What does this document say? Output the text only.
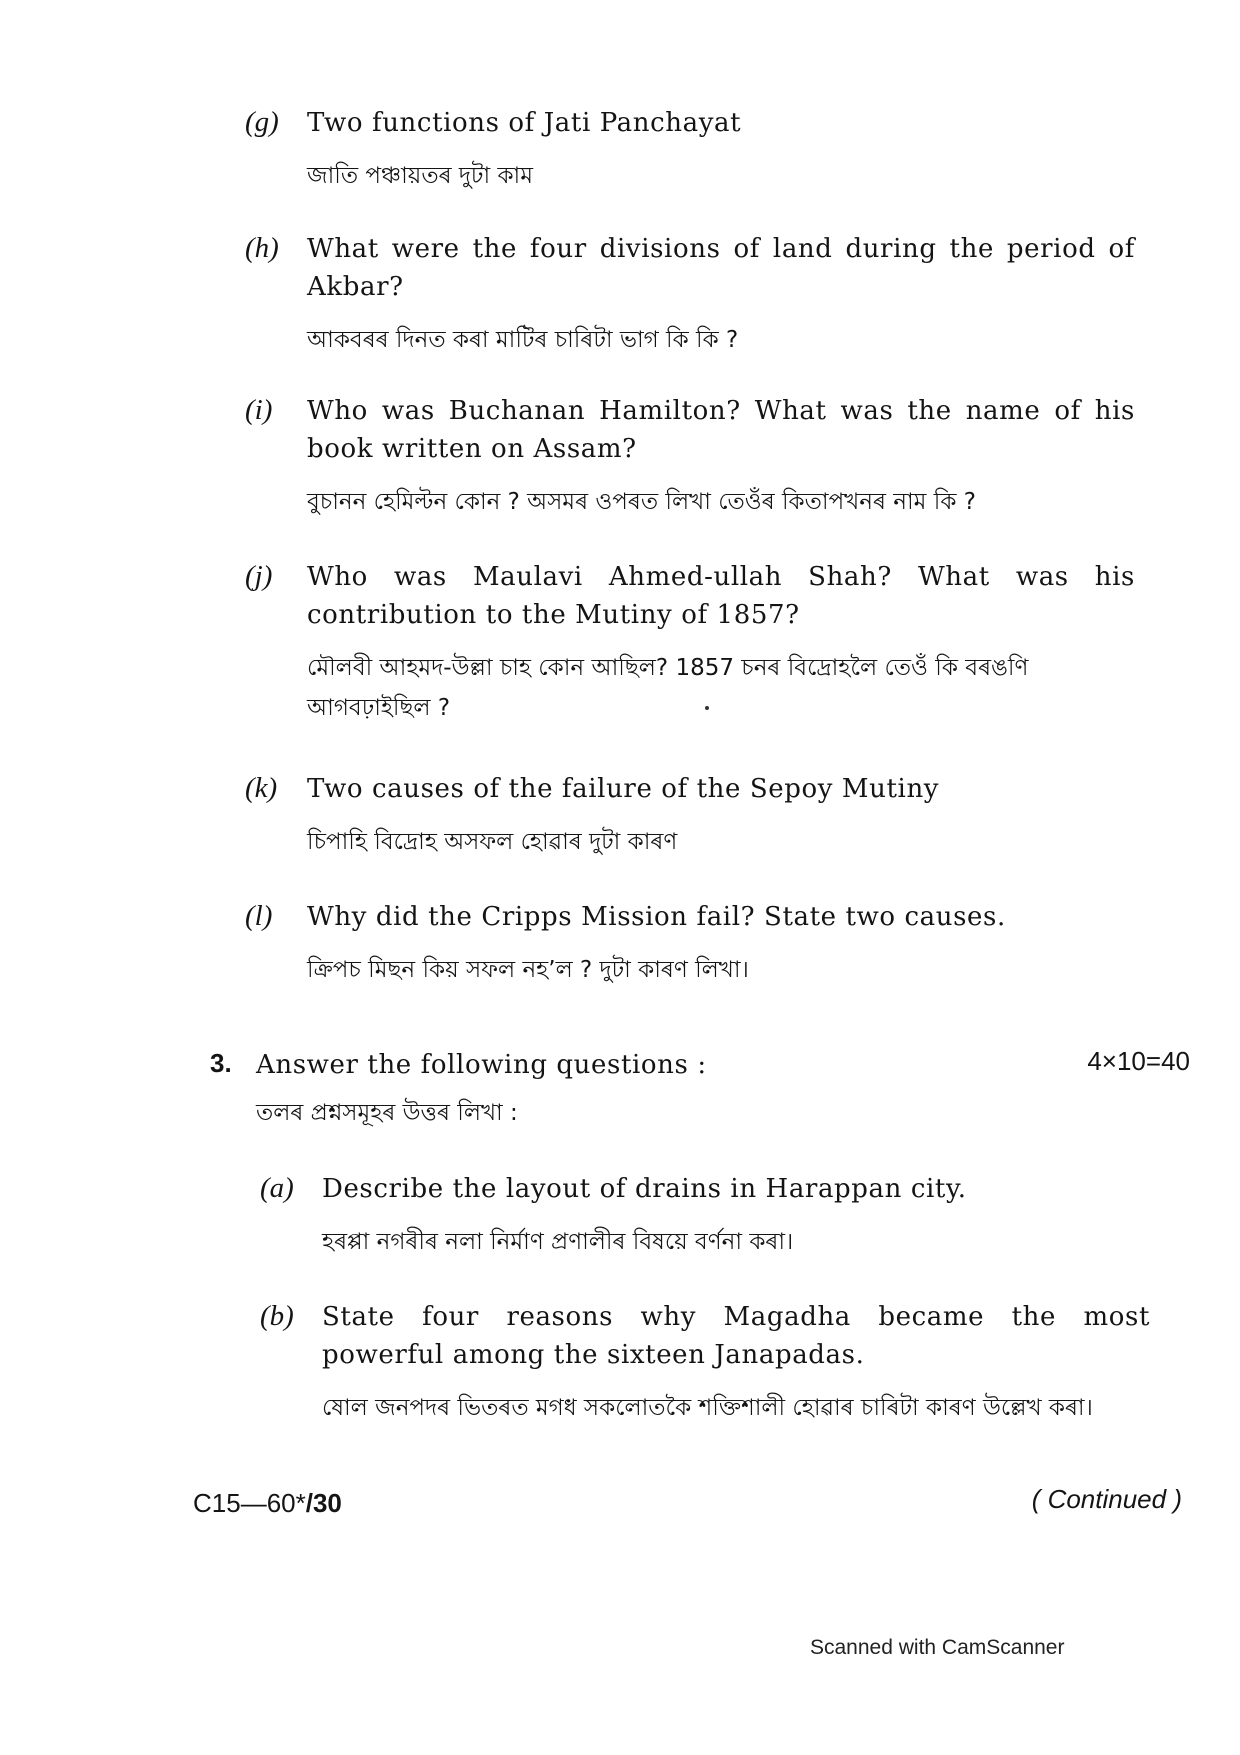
(g) Two functions of Jati Panchayat
জাতি পঞ্চায়তৰ দুটা কাম
(h) What were the four divisions of land during the period of Akbar?
আকবৰৰ দিনত কৰা মাটিৰ চাৰিটা ভাগ কি কি ?
(i) Who was Buchanan Hamilton? What was the name of his book written on Assam?
বুচানন হেমিল্টন কোন ? অসমৰ ওপৰত লিখা তেওঁৰ কিতাপখনৰ নাম কি ?
(j) Who was Maulavi Ahmed-ullah Shah? What was his contribution to the Mutiny of 1857?
মৌলবী আহমদ-উল্লা চাহ কোন আছিল? 1857 চনৰ বিদ্ৰোহলৈ তেওঁ কি বৰঙণি আগবঢ়াইছিল ?
(k) Two causes of the failure of the Sepoy Mutiny
চিপাহি বিদ্ৰোহ অসফল হোৱাৰ দুটা কাৰণ
(l) Why did the Cripps Mission fail? State two causes.
ক্ৰিপচ মিছন কিয় সফল নহ’ল ? দুটা কাৰণ লিখা।
3. Answer the following questions :	4×10=40
তলৰ প্ৰশ্নসমূহৰ উত্তৰ লিখা :
(a) Describe the layout of drains in Harappan city.
হৰপ্পা নগৰীৰ নলা নিৰ্মাণ প্ৰণালীৰ বিষয়ে বৰ্ণনা কৰা।
(b) State four reasons why Magadha became the most powerful among the sixteen Janapadas.
ষোল জনপদৰ ভিতৰত মগধ সকলোতকৈ শক্তিশালী হোৱাৰ চাৰিটা কাৰণ উল্লেখ কৰা।
C15—60*/30	( Continued )
Scanned with CamScanner
